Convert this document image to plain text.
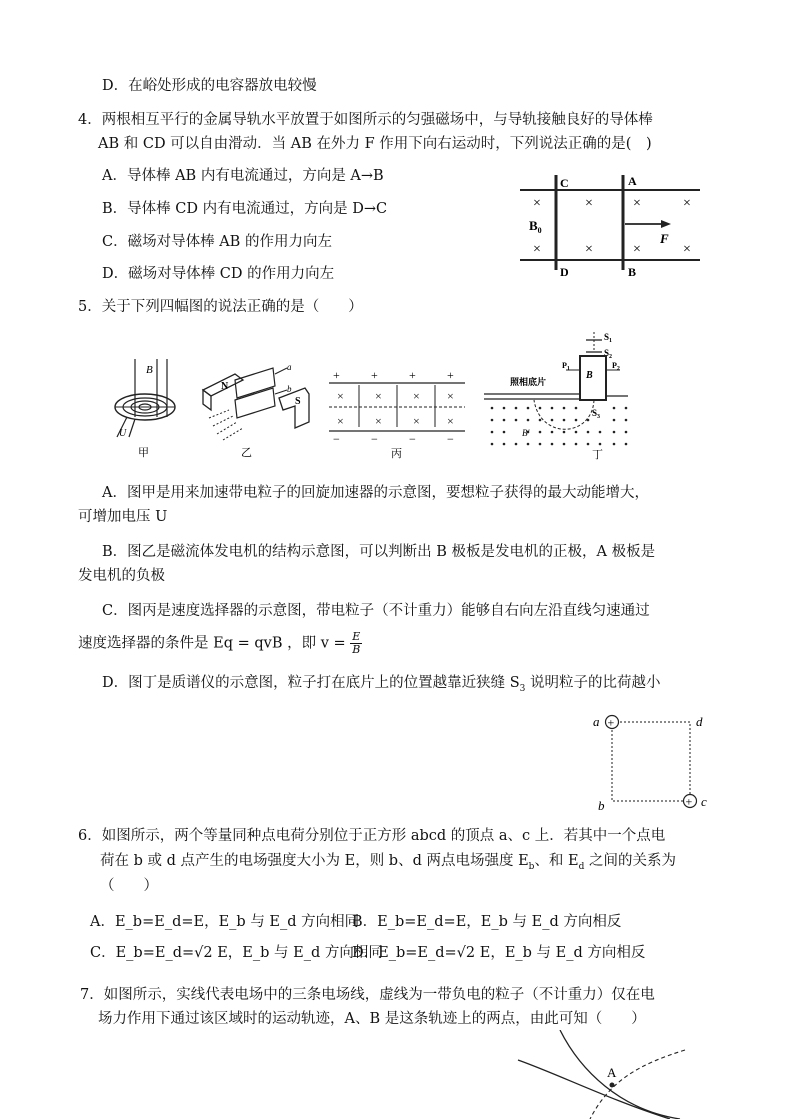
D．在峪处形成的电容器放电较慢
4．两根相互平行的金属导轨水平放置于如图所示的匀强磁场中，与导轨接触良好的导体棒
AB 和 CD 可以自由滑动．当 AB 在外力 F 作用下向右运动时，下列说法正确的是(　)
A．导体棒 AB 内有电流通过，方向是 A→B
B．导体棒 CD 内有电流通过，方向是 D→C
C．磁场对导体棒 AB 的作用力向左
D．磁场对导体棒 CD 的作用力向左
C	A
D	B
$B_0$
×
×
×
×
×	×
×	×
F
5．关于下列四幅图的说法正确的是（　　）
B
U
甲
N
a
b
S
乙
+	+	+	+
×	×	× ×
×	×	× ×
−	−	−	−
丙
$S_1$
$S_2$
B
$P_1$	$P_2$
照相底片
$S_3$
B′
丁
A．图甲是用来加速带电粒子的回旋加速器的示意图，要想粒子获得的最大动能增大，
可增加电压 U
B．图乙是磁流体发电机的结构示意图，可以判断出 B 极板是发电机的正极，A 极板是
发电机的负极
C．图丙是速度选择器的示意图，带电粒子（不计重力）能够自右向左沿直线匀速通过
速度选择器的条件是 Eq = qvB ，即 $v = \frac{E}{B}$
D．图丁是质谱仪的示意图，粒子打在底片上的位置越靠近狭缝 $S_3$ 说明粒子的比荷越小
+
+
a	d
b	c
6．如图所示，两个等量同种点电荷分别位于正方形 abcd 的顶点 a、c 上．若其中一个点电
荷在 b 或 d 点产生的电场强度大小为 E，则 b、d 两点电场强度 $E_b$、和 $E_d$ 之间的关系为
（　　）
A．E_b=E_d=E，E_b 与 E_d 方向相同
B．E_b=E_d=E，E_b 与 E_d 方向相反
C．E_b=E_d=√2 E，E_b 与 E_d 方向相同
D．E_b=E_d=√2 E，E_b 与 E_d 方向相反
7．如图所示，实线代表电场中的三条电场线，虚线为一带负电的粒子（不计重力）仅在电
场力作用下通过该区域时的运动轨迹，A、B 是这条轨迹上的两点，由此可知（　　）
A
